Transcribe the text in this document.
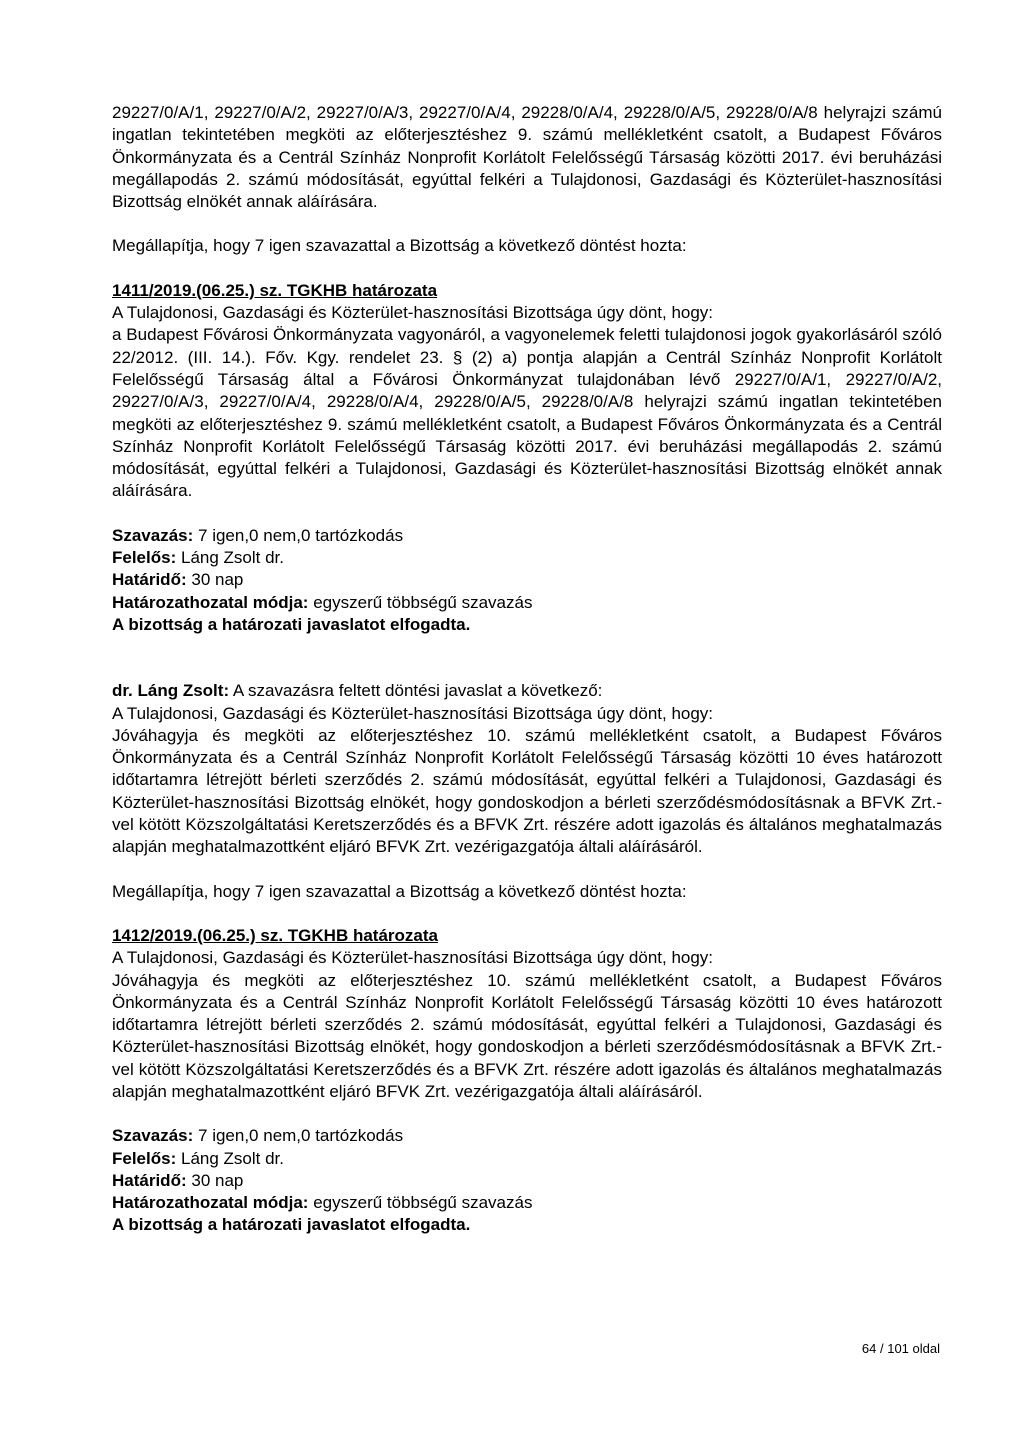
29227/0/A/1, 29227/0/A/2, 29227/0/A/3, 29227/0/A/4, 29228/0/A/4, 29228/0/A/5, 29228/0/A/8 helyrajzi számú ingatlan tekintetében megköti az előterjesztéshez 9. számú mellékletként csatolt, a Budapest Főváros Önkormányzata és a Centrál Színház Nonprofit Korlátolt Felelősségű Társaság közötti 2017. évi beruházási megállapodás 2. számú módosítását, egyúttal felkéri a Tulajdonosi, Gazdasági és Közterület-hasznosítási Bizottság elnökét annak aláírására.

Megállapítja, hogy 7 igen szavazattal a Bizottság a következő döntést hozta:

1411/2019.(06.25.) sz. TGKHB határozata

A Tulajdonosi, Gazdasági és Közterület-hasznosítási Bizottsága úgy dönt, hogy:

a Budapest Fővárosi Önkormányzata vagyonáról, a vagyonelemek feletti tulajdonosi jogok gyakorlásáról szóló 22/2012. (III. 14.). Főv. Kgy. rendelet 23. § (2) a) pontja alapján a Centrál Színház Nonprofit Korlátolt Felelősségű Társaság által a Fővárosi Önkormányzat tulajdonában lévő 29227/0/A/1, 29227/0/A/2, 29227/0/A/3, 29227/0/A/4, 29228/0/A/4, 29228/0/A/5, 29228/0/A/8 helyrajzi számú ingatlan tekintetében megköti az előterjesztéshez 9. számú mellékletként csatolt, a Budapest Főváros Önkormányzata és a Centrál Színház Nonprofit Korlátolt Felelősségű Társaság közötti 2017. évi beruházási megállapodás 2. számú módosítását, egyúttal felkéri a Tulajdonosi, Gazdasági és Közterület-hasznosítási Bizottság elnökét annak aláírására.

Szavazás: 7 igen,0 nem,0 tartózkodás

Felelős: Láng Zsolt dr.

Határidő: 30 nap

Határozathozatal módja: egyszerű többségű szavazás

A bizottság a határozati javaslatot elfogadta.

dr. Láng Zsolt: A szavazásra feltett döntési javaslat a következő:

A Tulajdonosi, Gazdasági és Közterület-hasznosítási Bizottsága úgy dönt, hogy:

Jóváhagyja és megköti az előterjesztéshez 10. számú mellékletként csatolt, a Budapest Főváros Önkormányzata és a Centrál Színház Nonprofit Korlátolt Felelősségű Társaság közötti 10 éves határozott időtartamra létrejött bérleti szerződés 2. számú módosítását, egyúttal felkéri a Tulajdonosi, Gazdasági és Közterület-hasznosítási Bizottság elnökét, hogy gondoskodjon a bérleti szerződésmódosításnak a BFVK Zrt.-vel kötött Közszolgáltatási Keretszerződés és a BFVK Zrt. részére adott igazolás és általános meghatalmazás alapján meghatalmazottként eljáró BFVK Zrt. vezérigazgatója általi aláírásáról.

Megállapítja, hogy 7 igen szavazattal a Bizottság a következő döntést hozta:

1412/2019.(06.25.) sz. TGKHB határozata

A Tulajdonosi, Gazdasági és Közterület-hasznosítási Bizottsága úgy dönt, hogy:

Jóváhagyja és megköti az előterjesztéshez 10. számú mellékletként csatolt, a Budapest Főváros Önkormányzata és a Centrál Színház Nonprofit Korlátolt Felelősségű Társaság közötti 10 éves határozott időtartamra létrejött bérleti szerződés 2. számú módosítását, egyúttal felkéri a Tulajdonosi, Gazdasági és Közterület-hasznosítási Bizottság elnökét, hogy gondoskodjon a bérleti szerződésmódosításnak a BFVK Zrt.-vel kötött Közszolgáltatási Keretszerződés és a BFVK Zrt. részére adott igazolás és általános meghatalmazás alapján meghatalmazottként eljáró BFVK Zrt. vezérigazgatója általi aláírásáról.

Szavazás: 7 igen,0 nem,0 tartózkodás

Felelős: Láng Zsolt dr.

Határidő: 30 nap

Határozathozatal módja: egyszerű többségű szavazás

A bizottság a határozati javaslatot elfogadta.

64 / 101 oldal
